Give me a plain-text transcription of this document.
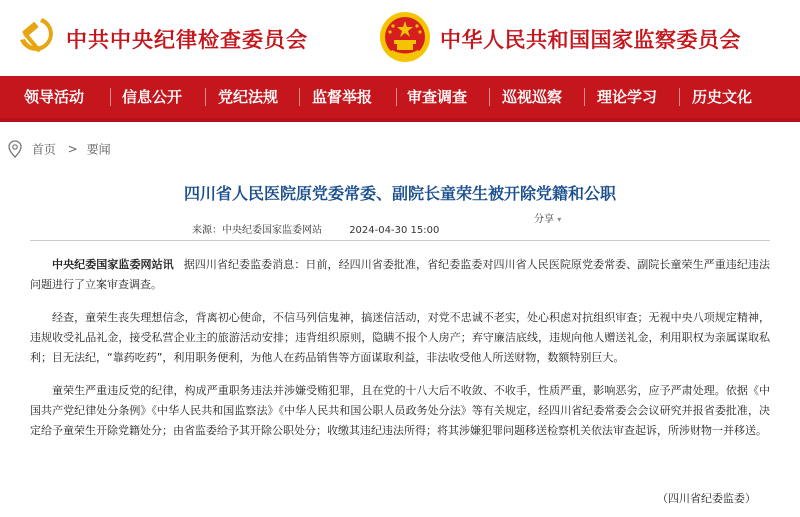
中共中央纪律检查委员会	中华人民共和国国家监察委员会
领导活动	信息公开 党纪法规 监督举报 审查调查 巡视巡察 理论学习 历史文化
首页 > 要闻
四川省人民医院原党委常委、副院长童荣生被开除党籍和公职
分享 ▾
来源：中央纪委国家监委网站	2024-04-30 15:00

中央纪委国家监委网站讯 据四川省纪委监委消息：日前，经四川省委批准，省纪委监委对四川省人民医院原党委常委、副院长童荣生严重违纪违法问题进行了立案审查调查。

经查，童荣生丧失理想信念，背离初心使命，不信马列信鬼神，搞迷信活动，对党不忠诚不老实，处心积虑对抗组织审查；无视中央八项规定精神，违规收受礼品礼金，接受私营企业主的旅游活动安排；违背组织原则，隐瞒不报个人房产；弃守廉洁底线，违规向他人赠送礼金，利用职权为亲属谋取私利；目无法纪，“靠药吃药”，利用职务便利，为他人在药品销售等方面谋取利益，非法收受他人所送财物，数额特别巨大。

童荣生严重违反党的纪律，构成严重职务违法并涉嫌受贿犯罪，且在党的十八大后不收敛、不收手，性质严重，影响恶劣，应予严肃处理。依据《中国共产党纪律处分条例》《中华人民共和国监察法》《中华人民共和国公职人员政务处分法》等有关规定，经四川省纪委常委会会议研究并报省委批准，决定给予童荣生开除党籍处分；由省监委给予其开除公职处分；收缴其违纪违法所得；将其涉嫌犯罪问题移送检察机关依法审查起诉，所涉财物一并移送。

（四川省纪委监委）
